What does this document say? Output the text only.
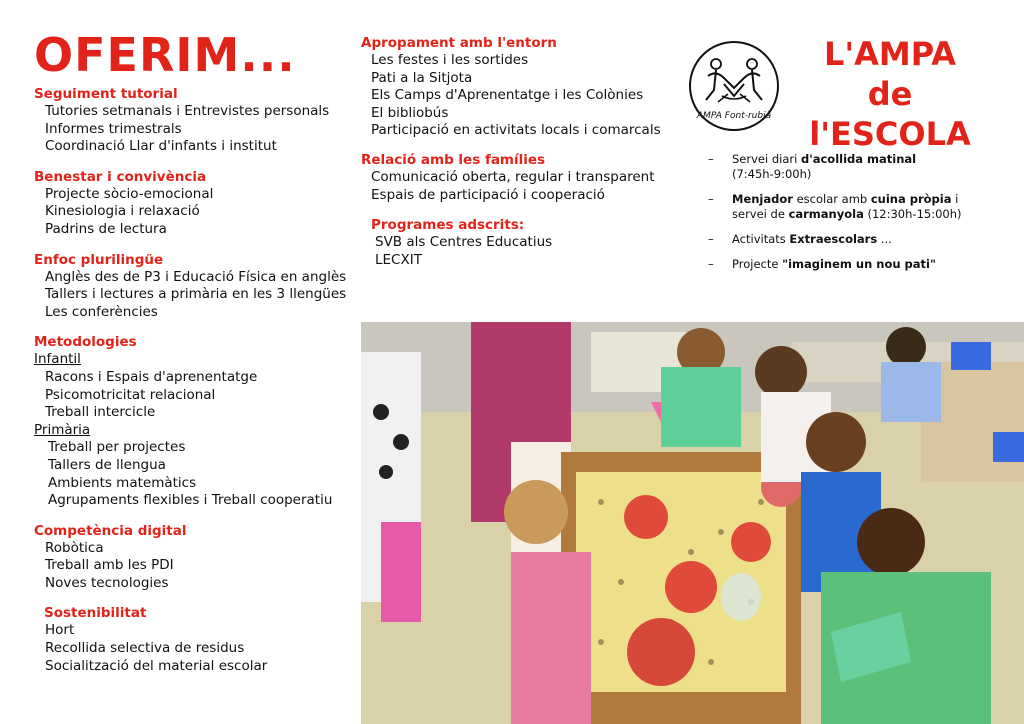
OFERIM...
Seguiment tutorial
Tutories setmanals i Entrevistes personals
Informes trimestrals
Coordinació Llar d'infants i institut
Benestar i convivència
Projecte sòcio-emocional
Kinesiologia i relaxació
Padrins de lectura
Enfoc plurilingüe
Anglès des de P3 i Educació Física en anglès
Tallers i lectures a primària en les 3 llengües
Les conferències
Metodologies
Infantil
Racons i Espais d'aprenentatge
Psicomotricitat relacional
Treball intercicle
Primària
Treball per projectes
Tallers de llengua
Ambients matemàtics
Agrupaments flexibles i Treball cooperatiu
Competència digital
Robòtica
Treball amb les PDI
Noves tecnologies
Sostenibilitat
Hort
Recollida selectiva de residus
Socialització del material escolar
Apropament amb l'entorn
Les festes i les sortides
Pati a la Sitjota
Els Camps d'Aprenentatge i les Colònies
El bibliobús
Participació en activitats locals i comarcals
Relació amb les famílies
Comunicació oberta, regular i transparent
Espais de participació i cooperació
Programes adscrits:
SVB als Centres Educatius
LECXIT
AMPA Font-rubià
L'AMPA
de l'ESCOLA
–	Servei diari d'acollida matinal
(7:45h-9:00h)
–	Menjador escolar amb cuina pròpia i
servei de carmanyola (12:30h-15:00h)
–	Activitats Extraescolars ...
–	Projecte "imaginem un nou pati"
